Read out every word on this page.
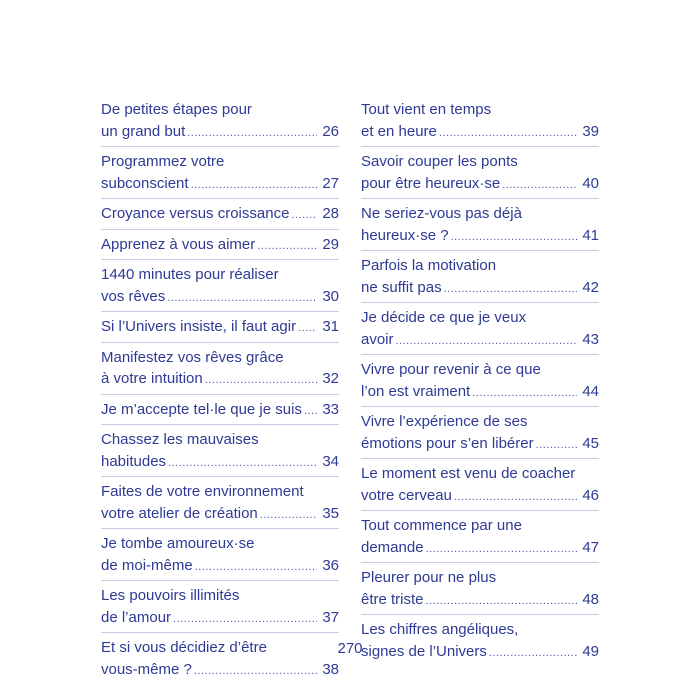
De petites étapes pour
un grand but .....	26
Programmez votre
subconscient .....	27
Croyance versus croissance ..... 28
Apprenez à vous aimer .....	29
1440 minutes pour réaliser
vos rêves .....	30
Si l’Univers insiste, il faut agir ..... 31
Manifestez vos rêves grâce
à votre intuition .....	32
Je m’accepte tel·le que je suis ..... 33
Chassez les mauvaises
habitudes .....	34
Faites de votre environnement
votre atelier de création .....	35
Je tombe amoureux·se
de moi-même .....	36
Les pouvoirs illimités
de l’amour .....	37
Et si vous décidiez d’être
vous-même ? .....	38
Tout vient en temps
et en heure .....	39
Savoir couper les ponts
pour être heureux·se .....	40
Ne seriez-vous pas déjà
heureux·se ? .....	41
Parfois la motivation
ne suffit pas .....	42
Je décide ce que je veux
avoir .....	43
Vivre pour revenir à ce que
l’on est vraiment .....	44
Vivre l’expérience de ses
émotions pour s’en libérer .....	45
Le moment est venu de coacher
votre cerveau .....	46
Tout commence par une
demande .....	47
Pleurer pour ne plus
être triste .....	48
Les chiffres angéliques,
signes de l’Univers .....	49
270
